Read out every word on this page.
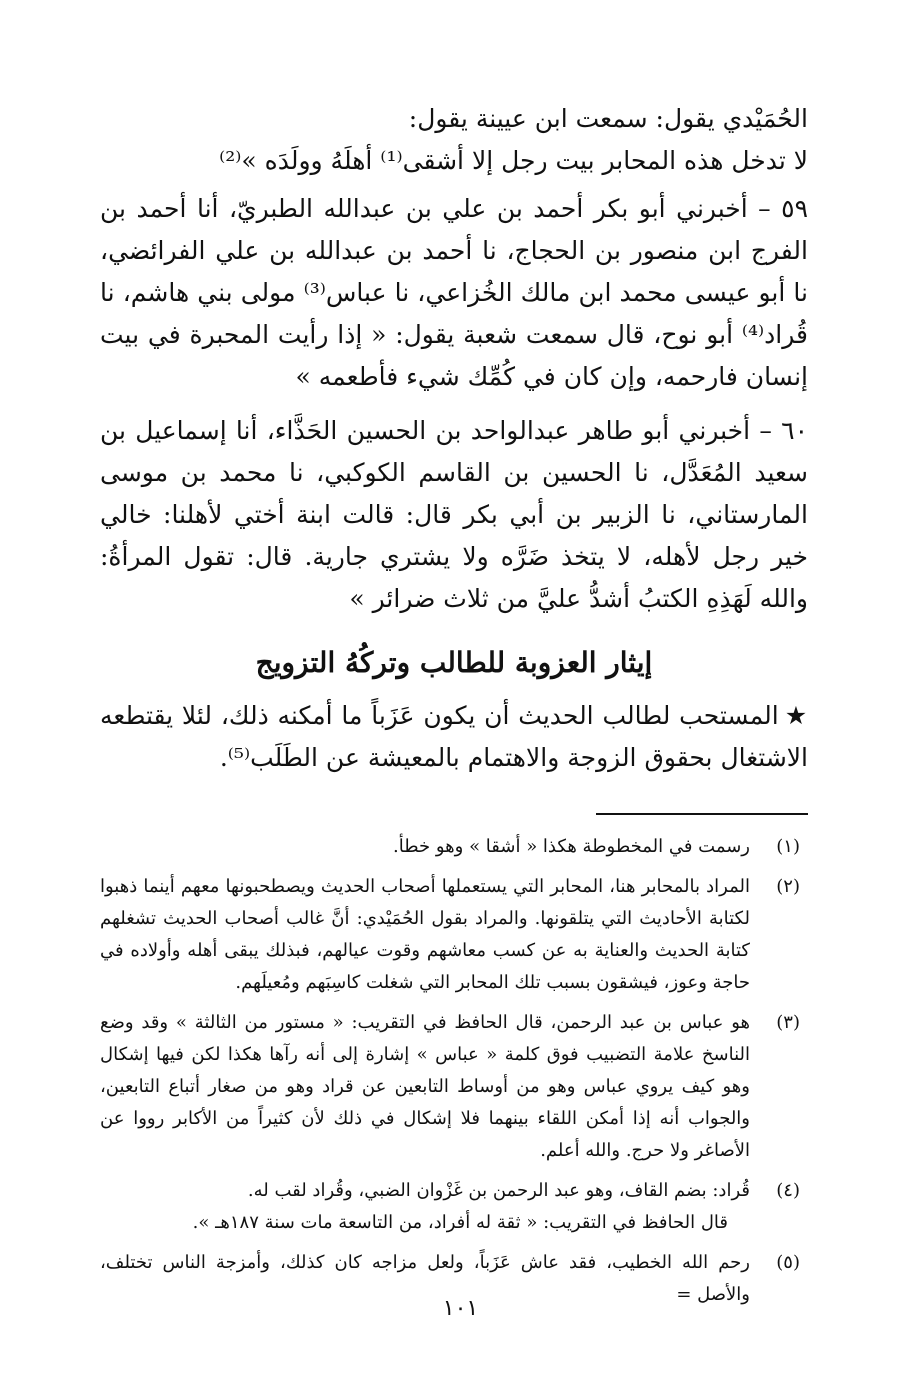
الحُمَيْدي يقول: سمعت ابن عيينة يقول:
لا تدخل هذه المحابر بيت رجل إلا أشقى⁽¹⁾ أهلَهُ وولَدَه »⁽²⁾

٥٩ – أخبرني أبو بكر أحمد بن علي بن عبدالله الطبريّ، أنا أحمد بن الفرج ابن منصور بن الحجاج، نا أحمد بن عبدالله بن علي الفرائضي، نا أبو عيسى محمد ابن مالك الخُزاعي، نا عباس⁽³⁾ مولى بني هاشم، نا قُراد⁽⁴⁾ أبو نوح، قال سمعت شعبة يقول: « إذا رأيت المحبرة في بيت إنسان فارحمه، وإن كان في كُمِّك شيء فأطعمه »

٦٠ – أخبرني أبو طاهر عبدالواحد بن الحسين الحَذَّاء، أنا إسماعيل بن سعيد المُعَدَّل، نا الحسين بن القاسم الكوكبي، نا محمد بن موسى المارستاني، نا الزبير بن أبي بكر قال: قالت ابنة أختي لأهلنا: خالي خير رجل لأهله، لا يتخذ ضَرَّه ولا يشتري جارية. قال: تقول المرأةُ: والله لَهَذِهِ الكتبُ أشدُّ عليَّ من ثلاث ضرائر »

إيثار العزوبة للطالب وتركُهُ التزويج

★المستحب لطالب الحديث أن يكون عَزَباً ما أمكنه ذلك، لئلا يقتطعه الاشتغال بحقوق الزوجة والاهتمام بالمعيشة عن الطَلَب⁽⁵⁾.

(١)
رسمت في المخطوطة هكذا « أشقا » وهو خطأ.
(٢)
المراد بالمحابر هنا، المحابر التي يستعملها أصحاب الحديث ويصطحبونها معهم أينما ذهبوا لكتابة الأحاديث التي يتلقونها. والمراد بقول الحُمَيْدي: أنَّ غالب أصحاب الحديث تشغلهم كتابة الحديث والعناية به عن كسب معاشهم وقوت عيالهم، فبذلك يبقى أهله وأولاده في حاجة وعوز، فيشقون بسبب تلك المحابر التي شغلت كاسِبَهم ومُعيلَهم.
(٣)
هو عباس بن عبد الرحمن، قال الحافظ في التقريب: « مستور من الثالثة » وقد وضع الناسخ علامة التضبيب فوق كلمة « عباس » إشارة إلى أنه رآها هكذا لكن فيها إشكال وهو كيف يروي عباس وهو من أوساط التابعين عن قراد وهو من صغار أتباع التابعين، والجواب أنه إذا أمكن اللقاء بينهما فلا إشكال في ذلك لأن كثيراً من الأكابر رووا عن الأصاغر ولا حرج. والله أعلم.
(٤)
قُراد: بضم القاف، وهو عبد الرحمن بن غَزْوان الضبي، وقُراد لقب له.
قال الحافظ في التقريب: « ثقة له أفراد، من التاسعة مات سنة ١٨٧هـ ».
(٥)
رحم الله الخطيب، فقد عاش عَزَباً، ولعل مزاجه كان كذلك، وأمزجة الناس تختلف، والأصل =
١٠١
